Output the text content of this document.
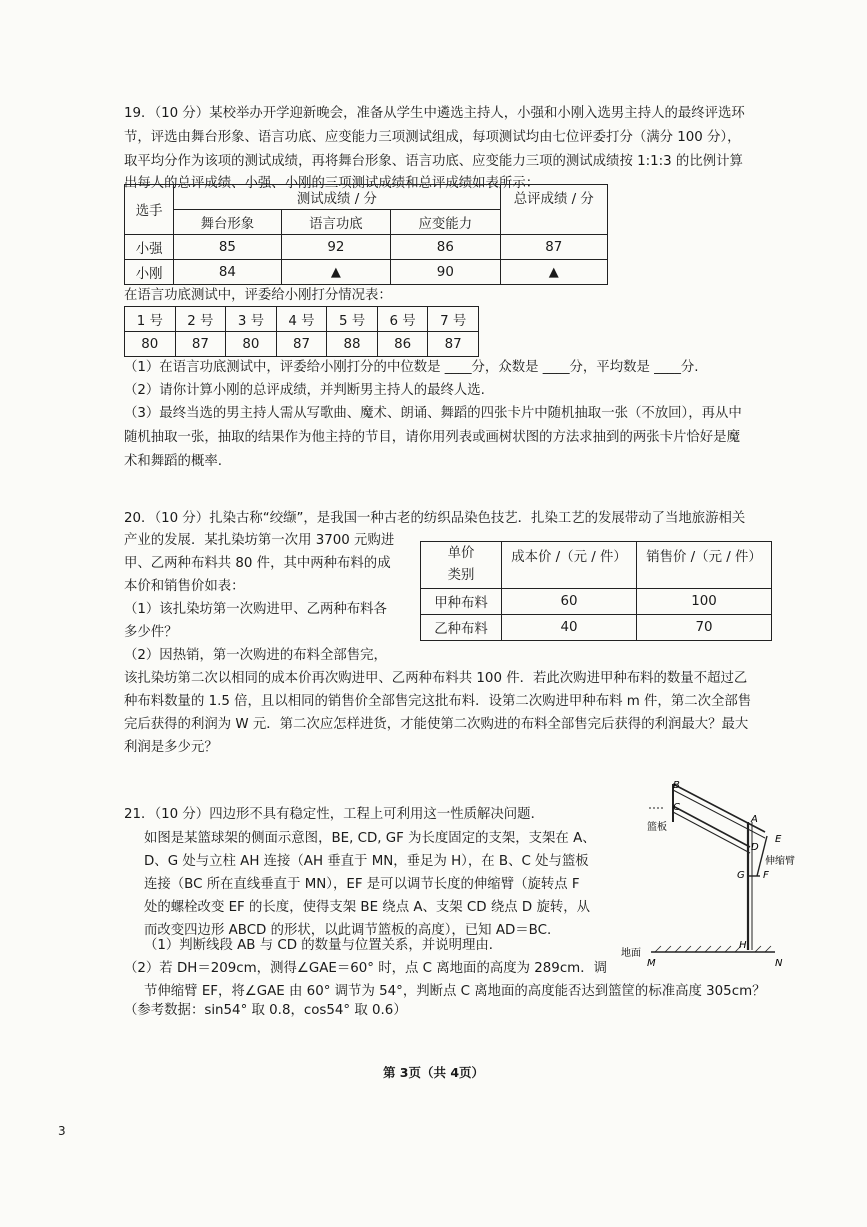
19．（10 分）某校举办开学迎新晚会，准备从学生中遴选主持人，小强和小刚入选男主持人的最终评选环
节，评选由舞台形象、语言功底、应变能力三项测试组成，每项测试均由七位评委打分（满分 100 分），
取平均分作为该项的测试成绩，再将舞台形象、语言功底、应变能力三项的测试成绩按 1:1:3 的比例计算
出每人的总评成绩、小强、小刚的三项测试成绩和总评成绩如表所示：
选手	测试成绩 / 分			总评成绩 / 分
	舞台形象	语言功底	应变能力	
小强	85	92	86	87
小刚	84	▲	90	▲
在语言功底测试中，评委给小刚打分情况表：
1 号	2 号	3 号	4 号	5 号	6 号	7 号
80	87	80	87	88	86	87
（1）在语言功底测试中，评委给小刚打分的中位数是 ____分，众数是 ____分，平均数是 ____分.
（2）请你计算小刚的总评成绩，并判断男主持人的最终人选.
（3）最终当选的男主持人需从写歌曲、魔术、朗诵、舞蹈的四张卡片中随机抽取一张（不放回），再从中
随机抽取一张，抽取的结果作为他主持的节目，请你用列表或画树状图的方法求抽到的两张卡片恰好是魔
术和舞蹈的概率.
20．（10 分）扎染古称“绞缬”，是我国一种古老的纺织品染色技艺．扎染工艺的发展带动了当地旅游相关
产业的发展．某扎染坊第一次用 3700 元购进
甲、乙两种布料共 80 件，其中两种布料的成
本价和销售价如表：
（1）该扎染坊第一次购进甲、乙两种布料各
多少件？
（2）因热销，第一次购进的布料全部售完，
该扎染坊第二次以相同的成本价再次购进甲、乙两种布料共 100 件．若此次购进甲种布料的数量不超过乙
种布料数量的 1.5 倍，且以相同的销售价全部售完这批布料．设第二次购进甲种布料 m 件，第二次全部售
完后获得的利润为 W 元．第二次应怎样进货，才能使第二次购进的布料全部售完后获得的利润最大？最大
利润是多少元？
单价
类别	成本价 /（元 / 件）	销售价 /（元 / 件）
甲种布料	60	100
乙种布料	40	70
21．（10 分）四边形不具有稳定性，工程上可利用这一性质解决问题．
如图是某篮球架的侧面示意图，BE, CD, GF 为长度固定的支架，支架在 A、
D、G 处与立柱 AH 连接（AH 垂直于 MN，垂足为 H），在 B、C 处与篮板
连接（BC 所在直线垂直于 MN），EF 是可以调节长度的伸缩臂（旋转点 F
处的螺栓改变 EF 的长度，使得支架 BE 绕点 A、支架 CD 绕点 D 旋转，从
而改变四边形 ABCD 的形状，以此调节篮板的高度），已知 AD＝BC.
（1）判断线段 AB 与 CD 的数量与位置关系，并说明理由．
（2）若 DH＝209cm，测得∠GAE＝60° 时，点 C 离地面的高度为 289cm．调
节伸缩臂 EF，将∠GAE 由 60° 调节为 54°，判断点 C 离地面的高度能否达到篮筐的标准高度 305cm？
（参考数据：sin54° 取 0.8，cos54° 取 0.6）
B
C
A
E
D
G F
H
M	N
篮板
伸缩臂
地面
第 3页（共 4页）
3
